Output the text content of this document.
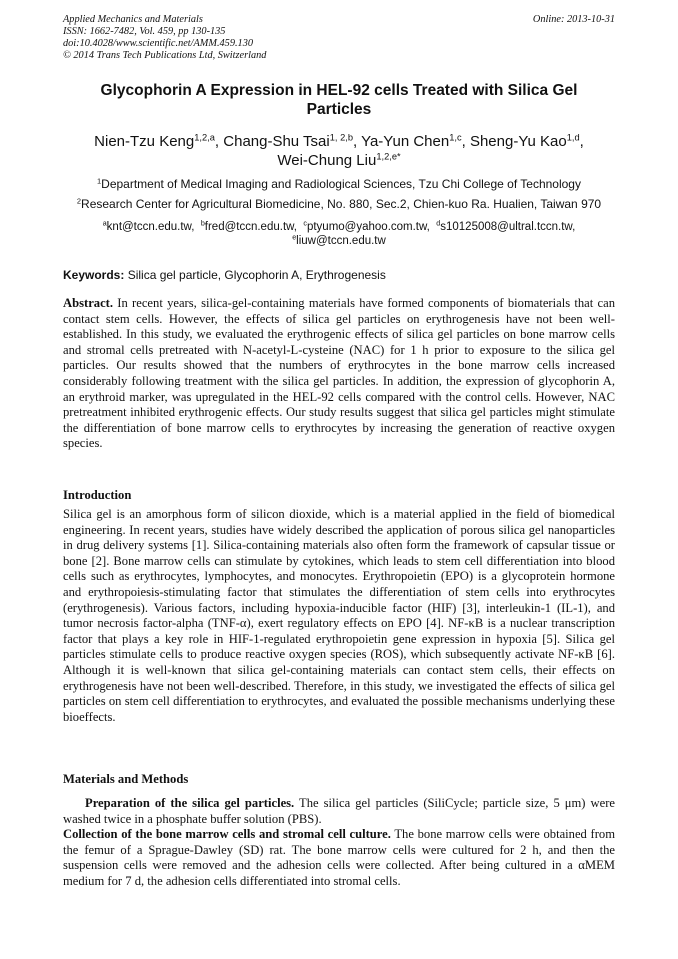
Applied Mechanics and Materials
ISSN: 1662-7482, Vol. 459, pp 130-135
doi:10.4028/www.scientific.net/AMM.459.130
© 2014 Trans Tech Publications Ltd, Switzerland
Online: 2013-10-31
Glycophorin A Expression in HEL-92 cells Treated with Silica Gel Particles
Nien-Tzu Keng$^{1,2,a}$, Chang-Shu Tsai$^{1, 2,b}$, Ya-Yun Chen$^{1,c}$, Sheng-Yu Kao$^{1,d}$,
Wei-Chung Liu$^{1,2,e*}$
$^1$Department of Medical Imaging and Radiological Sciences, Tzu Chi College of Technology
$^2$Research Center for Agricultural Biomedicine, No. 880, Sec.2, Chien-kuo Ra. Hualien, Taiwan 970
$^a$knt@tccn.edu.tw, $^b$fred@tccn.edu.tw, $^c$ptyumo@yahoo.com.tw, $^d$s10125008@ultral.tccn.tw,
$^e$liuw@tccn.edu.tw
Keywords: Silica gel particle, Glycophorin A, Erythrogenesis
Abstract. In recent years, silica-gel-containing materials have formed components of biomaterials that can contact stem cells. However, the effects of silica gel particles on erythrogenesis have not been well-established. In this study, we evaluated the erythrogenic effects of silica gel particles on bone marrow cells and stromal cells pretreated with N-acetyl-L-cysteine (NAC) for 1 h prior to exposure to the silica gel particles. Our results showed that the numbers of erythrocytes in the bone marrow cells increased considerably following treatment with the silica gel particles. In addition, the expression of glycophorin A, an erythroid marker, was upregulated in the HEL-92 cells compared with the control cells. However, NAC pretreatment inhibited erythrogenic effects. Our study results suggest that silica gel particles might stimulate the differentiation of bone marrow cells to erythrocytes by increasing the generation of reactive oxygen species.
Introduction
Silica gel is an amorphous form of silicon dioxide, which is a material applied in the field of biomedical engineering. In recent years, studies have widely described the application of porous silica gel nanoparticles in drug delivery systems [1]. Silica-containing materials also often form the framework of capsular tissue or bone [2]. Bone marrow cells can stimulate by cytokines, which leads to stem cell differentiation into blood cells such as erythrocytes, lymphocytes, and monocytes. Erythropoietin (EPO) is a glycoprotein hormone and erythropoiesis-stimulating factor that stimulates the differentiation of stem cells into erythrocytes (erythrogenesis). Various factors, including hypoxia-inducible factor (HIF) [3], interleukin-1 (IL-1), and tumor necrosis factor-alpha (TNF-α), exert regulatory effects on EPO [4]. NF-κB is a nuclear transcription factor that plays a key role in HIF-1-regulated erythropoietin gene expression in hypoxia [5]. Silica gel particles stimulate cells to produce reactive oxygen species (ROS), which subsequently activate NF-κB [6]. Although it is well-known that silica gel-containing materials can contact stem cells, their effects on erythrogenesis have not been well-described. Therefore, in this study, we investigated the effects of silica gel particles on stem cell differentiation to erythrocytes, and evaluated the possible mechanisms underlying these bioeffects.
Materials and Methods
Preparation of the silica gel particles. The silica gel particles (SiliCycle; particle size, 5 μm) were washed twice in a phosphate buffer solution (PBS).
Collection of the bone marrow cells and stromal cell culture. The bone marrow cells were obtained from the femur of a Sprague-Dawley (SD) rat. The bone marrow cells were cultured for 2 h, and then the suspension cells were removed and the adhesion cells were collected. After being cultured in a αMEM medium for 7 d, the adhesion cells differentiated into stromal cells.
